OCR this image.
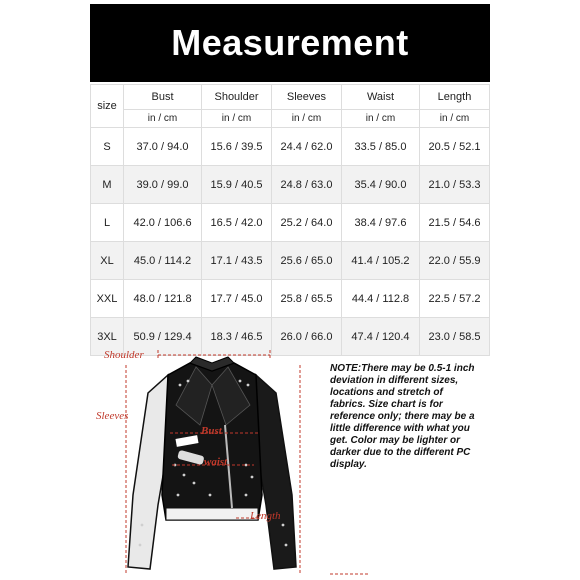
Measurement
size	Bust	Shoulder	Sleeves	Waist	Length
	in / cm	in / cm	in / cm	in / cm	in / cm
S	37.0 / 94.0	15.6 / 39.5	24.4 / 62.0	33.5 / 85.0	20.5 / 52.1
M	39.0 / 99.0	15.9 / 40.5	24.8 / 63.0	35.4 / 90.0	21.0 / 53.3
L	42.0 / 106.6	16.5 / 42.0	25.2 / 64.0	38.4 / 97.6	21.5 / 54.6
XL	45.0 / 114.2	17.1 / 43.5	25.6 / 65.0	41.4 / 105.2	22.0 / 55.9
XXL	48.0 / 121.8	17.7 / 45.0	25.8 / 65.5	44.4 / 112.8	22.5 / 57.2
3XL	50.9 / 129.4	18.3 / 46.5	26.0 / 66.0	47.4 / 120.4	23.0 / 58.5
Shoulder
Sleeves
Bust
waist
Length
NOTE:There may be 0.5-1 inch deviation in different sizes, locations and stretch of fabrics. Size chart is for reference only; there may be a little difference with what you get. Color may be lighter or darker due to the different PC display.
